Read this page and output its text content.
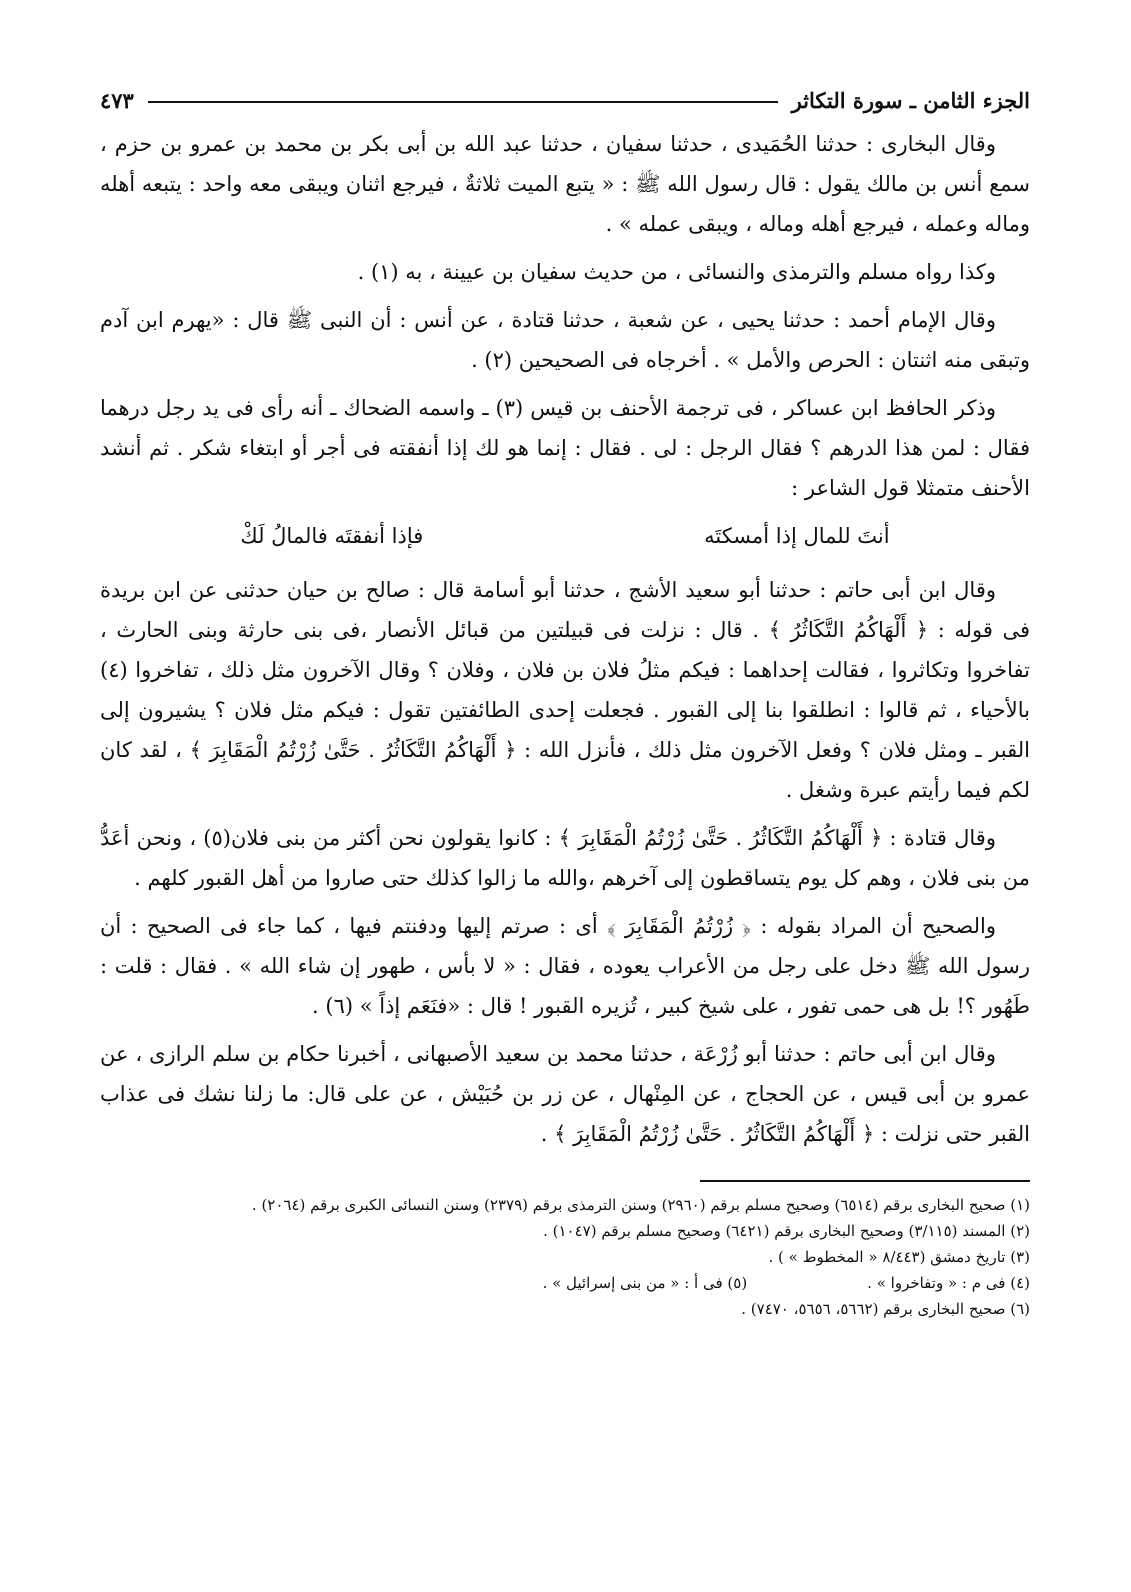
الجزء الثامن ـ سورة التكاثر
٤٧٣

وقال البخارى : حدثنا الحُمَيدى ، حدثنا سفيان ، حدثنا عبد الله بن أبى بكر بن محمد بن عمرو بن حزم ، سمع أنس بن مالك يقول : قال رسول الله ﷺ : « يتبع الميت ثلاثةٌ ، فيرجع اثنان ويبقى معه واحد : يتبعه أهله وماله وعمله ، فيرجع أهله وماله ، ويبقى عمله » .

وكذا رواه مسلم والترمذى والنسائى ، من حديث سفيان بن عيينة ، به (١) .

وقال الإمام أحمد : حدثنا يحيى ، عن شعبة ، حدثنا قتادة ، عن أنس : أن النبى ﷺ قال : «يهرم ابن آدم وتبقى منه اثنتان : الحرص والأمل » . أخرجاه فى الصحيحين (٢) .

وذكر الحافظ ابن عساكر ، فى ترجمة الأحنف بن قيس (٣) ـ واسمه الضحاك ـ أنه رأى فى يد رجل درهما فقال : لمن هذا الدرهم ؟ فقال الرجل : لى . فقال : إنما هو لك إذا أنفقته فى أجر أو ابتغاء شكر . ثم أنشد الأحنف متمثلا قول الشاعر :

أنتَ للمال إذا أمسكتَه
فإذا أنفقتَه فالمالُ لَكْ

وقال ابن أبى حاتم : حدثنا أبو سعيد الأشج ، حدثنا أبو أسامة قال : صالح بن حيان حدثنى عن ابن بريدة فى قوله : ﴿ أَلْهَاكُمُ التَّكَاثُرُ ﴾ . قال : نزلت فى قبيلتين من قبائل الأنصار ،فى بنى حارثة وبنى الحارث ، تفاخروا وتكاثروا ، فقالت إحداهما : فيكم مثلُ فلان بن فلان ، وفلان ؟ وقال الآخرون مثل ذلك ، تفاخروا (٤) بالأحياء ، ثم قالوا : انطلقوا بنا إلى القبور . فجعلت إحدى الطائفتين تقول : فيكم مثل فلان ؟ يشيرون إلى القبر ـ ومثل فلان ؟ وفعل الآخرون مثل ذلك ، فأنزل الله : ﴿ أَلْهَاكُمُ التَّكَاثُرُ . حَتَّىٰ زُرْتُمُ الْمَقَابِرَ ﴾ ، لقد كان لكم فيما رأيتم عبرة وشغل .

وقال قتادة : ﴿ أَلْهَاكُمُ التَّكَاثُرُ . حَتَّىٰ زُرْتُمُ الْمَقَابِرَ ﴾ : كانوا يقولون نحن أكثر من بنى فلان(٥) ، ونحن أعَدُّ من بنى فلان ، وهم كل يوم يتساقطون إلى آخرهم ،والله ما زالوا كذلك حتى صاروا من أهل القبور كلهم .

والصحيح أن المراد بقوله : ﴿ زُرْتُمُ الْمَقَابِرَ ﴾ أى : صرتم إليها ودفنتم فيها ، كما جاء فى الصحيح : أن رسول الله ﷺ دخل على رجل من الأعراب يعوده ، فقال : « لا بأس ، طهور إن شاء الله » . فقال : قلت : طَهُور ؟! بل هى حمى تفور ، على شيخ كبير ، تُزيره القبور ! قال : «فنَعَم إذاً » (٦) .

وقال ابن أبى حاتم : حدثنا أبو زُرْعَة ، حدثنا محمد بن سعيد الأصبهانى ، أخبرنا حكام بن سلم الرازى ، عن عمرو بن أبى قيس ، عن الحجاج ، عن المِنْهال ، عن زر بن حُبَيْش ، عن على قال: ما زلنا نشك فى عذاب القبر حتى نزلت : ﴿ أَلْهَاكُمُ التَّكَاثُرُ . حَتَّىٰ زُرْتُمُ الْمَقَابِرَ ﴾ .

(١) صحيح البخارى برقم (٦٥١٤) وصحيح مسلم برقم (٢٩٦٠) وسنن الترمذى برقم (٢٣٧٩) وسنن النسائى الكبرى برقم (٢٠٦٤) .

(٢) المسند (٣/١١٥) وصحيح البخارى برقم (٦٤٢١) وصحيح مسلم برقم (١٠٤٧) .

(٣) تاريخ دمشق (٨/٤٤٣ « المخطوط » ) .

(٤) فى م : « وتفاخروا » .

(٥) فى أ : « من بنى إسرائيل » .

(٦) صحيح البخارى برقم (٥٦٦٢، ٥٦٥٦، ٧٤٧٠) .
